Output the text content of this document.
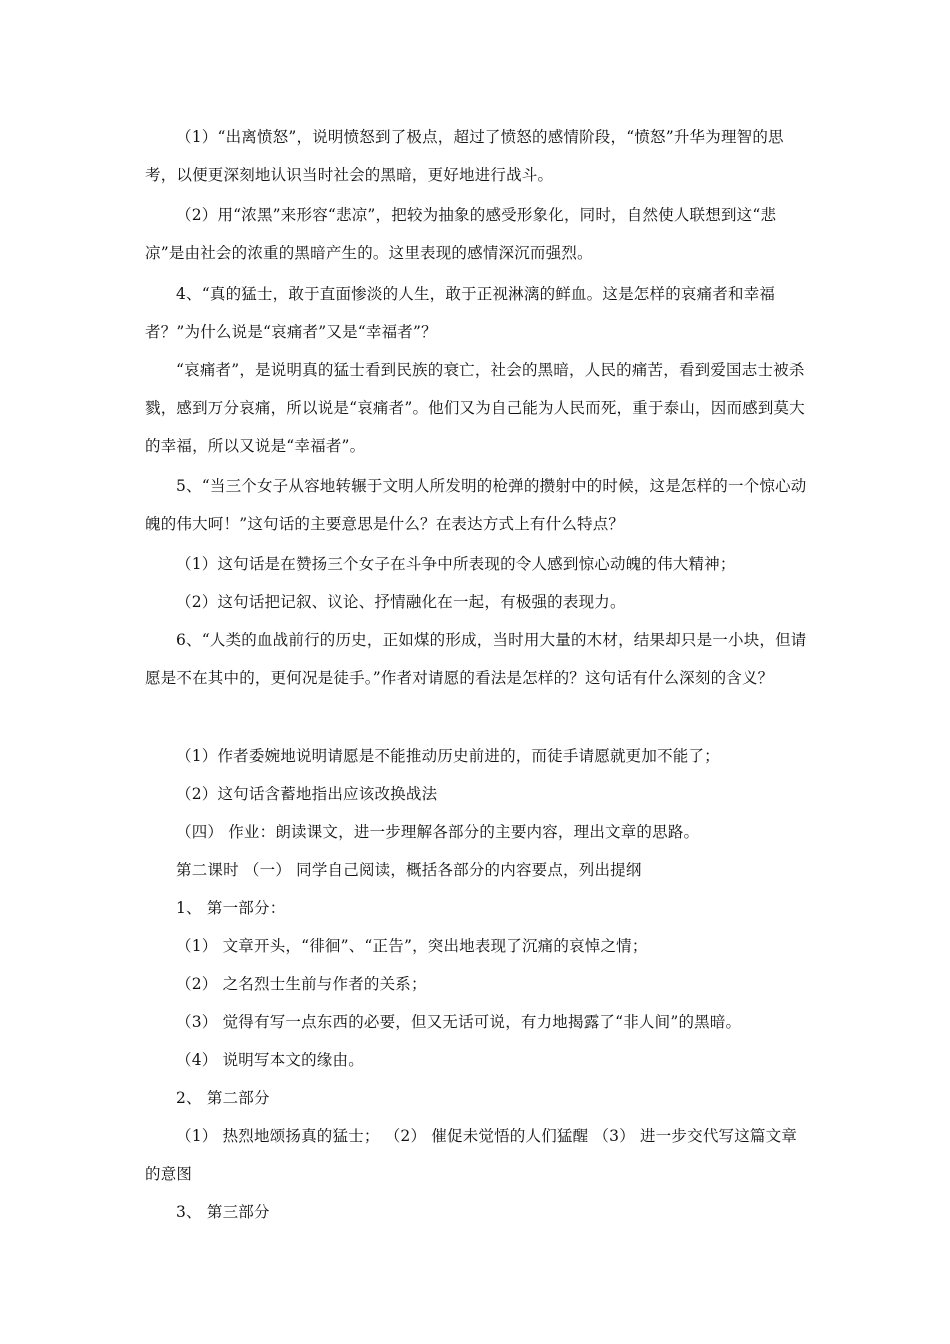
（1）“出离愤怒”，说明愤怒到了极点，超过了愤怒的感情阶段，“愤怒”升华为理智的思考，以便更深刻地认识当时社会的黑暗，更好地进行战斗。

（2）用“浓黑”来形容“悲凉”，把较为抽象的感受形象化，同时，自然使人联想到这“悲凉”是由社会的浓重的黑暗产生的。这里表现的感情深沉而强烈。

4、“真的猛士，敢于直面惨淡的人生，敢于正视淋漓的鲜血。这是怎样的哀痛者和幸福者？”为什么说是“哀痛者”又是“幸福者”？

“哀痛者”，是说明真的猛士看到民族的衰亡，社会的黑暗，人民的痛苦，看到爱国志士被杀戮，感到万分哀痛，所以说是“哀痛者”。他们又为自己能为人民而死，重于泰山，因而感到莫大的幸福，所以又说是“幸福者”。

5、“当三个女子从容地转辗于文明人所发明的枪弹的攒射中的时候，这是怎样的一个惊心动魄的伟大呵！”这句话的主要意思是什么？在表达方式上有什么特点？

（1）这句话是在赞扬三个女子在斗争中所表现的令人感到惊心动魄的伟大精神；

（2）这句话把记叙、议论、抒情融化在一起，有极强的表现力。

6、“人类的血战前行的历史，正如煤的形成，当时用大量的木材，结果却只是一小块，但请愿是不在其中的，更何况是徒手。”作者对请愿的看法是怎样的？这句话有什么深刻的含义？

（1）作者委婉地说明请愿是不能推动历史前进的，而徒手请愿就更加不能了；

（2）这句话含蓄地指出应该改换战法

（四） 作业：朗读课文，进一步理解各部分的主要内容，理出文章的思路。

第二课时 （一） 同学自己阅读，概括各部分的内容要点，列出提纲

1、 第一部分：

（1） 文章开头，“徘徊”、“正告”，突出地表现了沉痛的哀悼之情；

（2） 之名烈士生前与作者的关系；

（3） 觉得有写一点东西的必要，但又无话可说，有力地揭露了“非人间”的黑暗。

（4） 说明写本文的缘由。

2、 第二部分

（1） 热烈地颂扬真的猛士； （2） 催促未觉悟的人们猛醒 （3） 进一步交代写这篇文章的意图

3、 第三部分
